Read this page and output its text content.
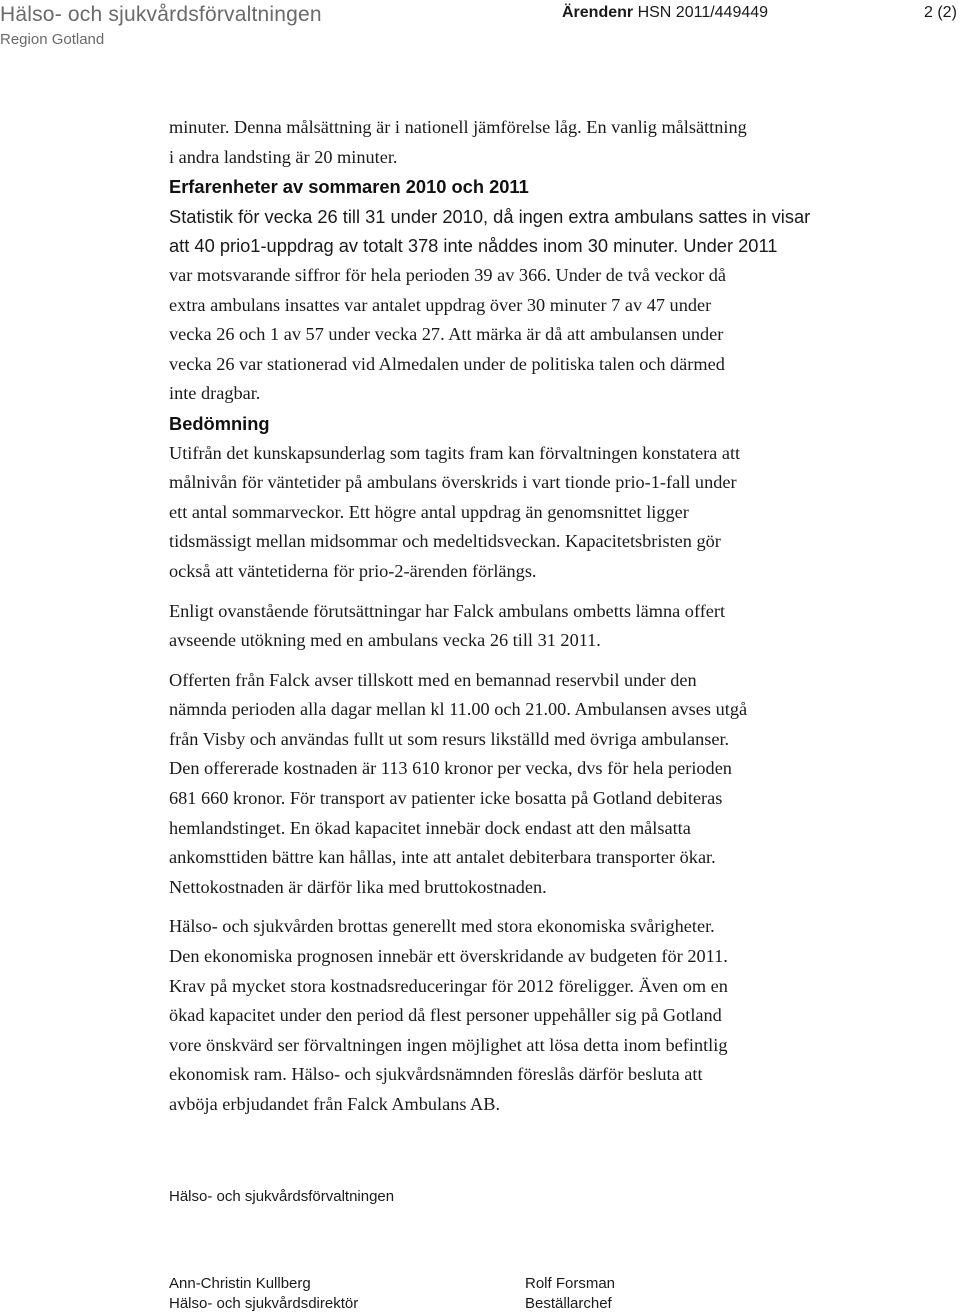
Hälso- och sjukvårdsförvaltningen
Region Gotland
Ärendenr HSN 2011/449449	2 (2)

minuter. Denna målsättning är i nationell jämförelse låg. En vanlig målsättning

i andra landsting är 20 minuter.

Erfarenheter av sommaren 2010 och 2011

Statistik för vecka 26 till 31 under 2010, då ingen extra ambulans sattes in visar

att 40 prio1-uppdrag av totalt 378 inte nåddes inom 30 minuter. Under 2011

var motsvarande siffror för hela perioden 39 av 366. Under de två veckor då

extra ambulans insattes var antalet uppdrag över 30 minuter 7 av 47 under

vecka 26 och 1 av 57 under vecka 27. Att märka är då att ambulansen under

vecka 26 var stationerad vid Almedalen under de politiska talen och därmed

inte dragbar.

Bedömning

Utifrån det kunskapsunderlag som tagits fram kan förvaltningen konstatera att

målnivån för väntetider på ambulans överskrids i vart tionde prio-1-fall under

ett antal sommarveckor. Ett högre antal uppdrag än genomsnittet ligger

tidsmässigt mellan midsommar och medeltidsveckan. Kapacitetsbristen gör

också att väntetiderna för prio-2-ärenden förlängs.

Enligt ovanstående förutsättningar har Falck ambulans ombetts lämna offert

avseende utökning med en ambulans vecka 26 till 31 2011.

Offerten från Falck avser tillskott med en bemannad reservbil under den

nämnda perioden alla dagar mellan kl 11.00 och 21.00. Ambulansen avses utgå

från Visby och användas fullt ut som resurs likställd med övriga ambulanser.

Den offererade kostnaden är 113 610 kronor per vecka, dvs för hela perioden

681 660 kronor. För transport av patienter icke bosatta på Gotland debiteras

hemlandstinget. En ökad kapacitet innebär dock endast att den målsatta

ankomsttiden bättre kan hållas, inte att antalet debiterbara transporter ökar.

Nettokostnaden är därför lika med bruttokostnaden.

Hälso- och sjukvården brottas generellt med stora ekonomiska svårigheter.

Den ekonomiska prognosen innebär ett överskridande av budgeten för 2011.

Krav på mycket stora kostnadsreduceringar för 2012 föreligger. Även om en

ökad kapacitet under den period då flest personer uppehåller sig på Gotland

vore önskvärd ser förvaltningen ingen möjlighet att lösa detta inom befintlig

ekonomisk ram. Hälso- och sjukvårdsnämnden föreslås därför besluta att

avböja erbjudandet från Falck Ambulans AB.

Hälso- och sjukvårdsförvaltningen
Ann-Christin Kullberg
Hälso- och sjukvårdsdirektör
Rolf Forsman
Beställarchef
